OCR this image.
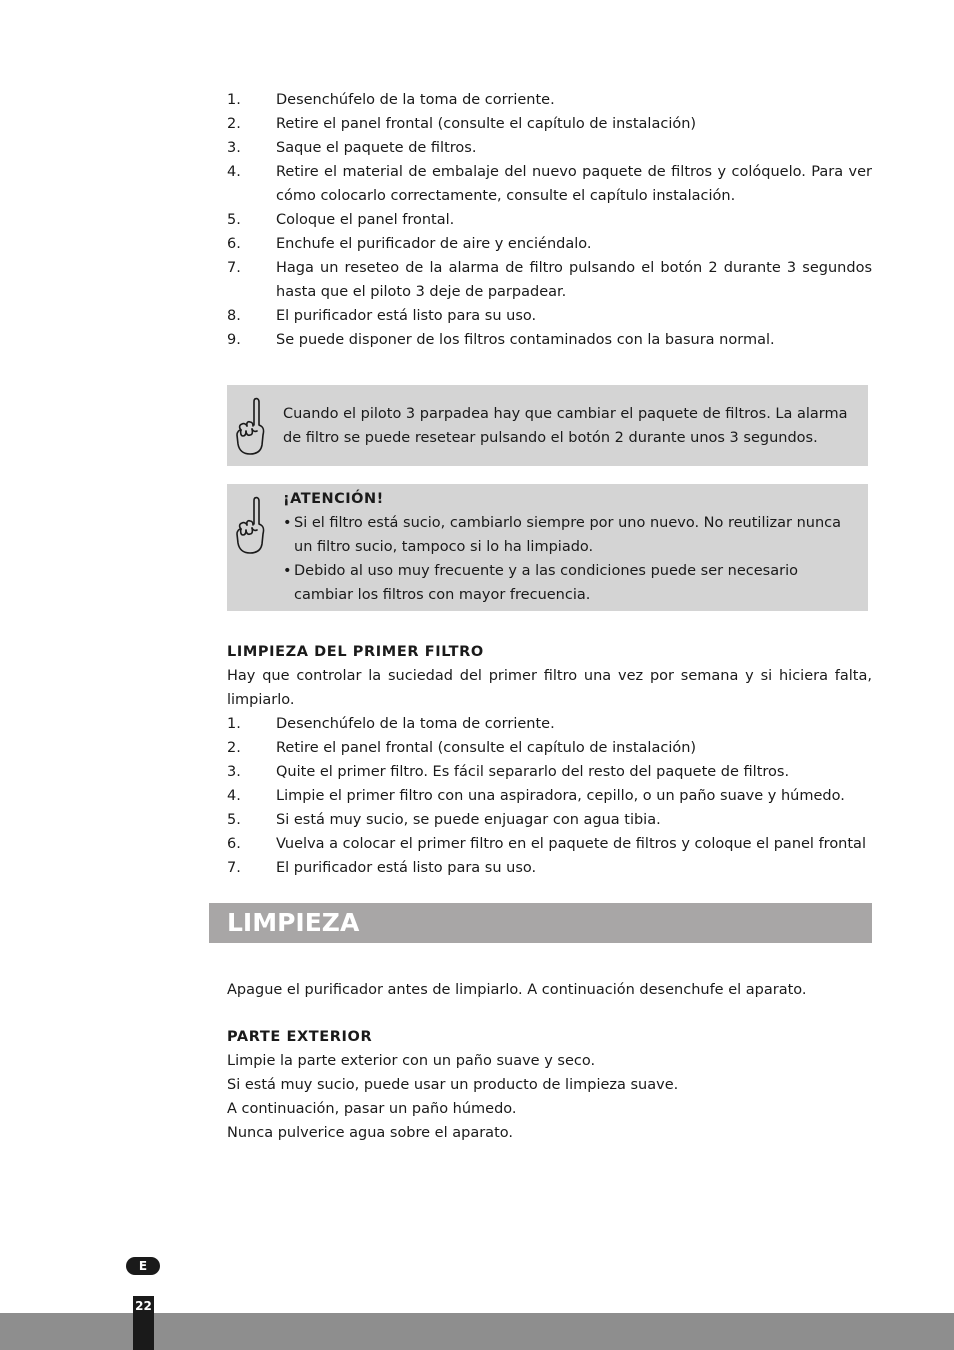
1.	Desenchúfelo de la toma de corriente.
2.	Retire el panel frontal (consulte el capítulo de instalación)
3.	Saque el paquete de filtros.
4.	Retire el material de embalaje del nuevo paquete de filtros y colóquelo. Para ver cómo colocarlo correctamente, consulte el capítulo instalación.
5.	Coloque el panel frontal.
6.	Enchufe el purificador de aire y enciéndalo.
7.	Haga un reseteo de la alarma de filtro pulsando el botón 2 durante 3 segundos hasta que el piloto 3 deje de parpadear.
8.	El purificador está listo para su uso.
9.	Se puede disponer de los filtros contaminados con la basura normal.

Cuando el piloto 3 parpadea hay que cambiar el paquete de filtros. La alarma de filtro se puede resetear pulsando el botón 2 durante unos 3 segundos.

¡ATENCIÓN!

• Si el filtro está sucio, cambiarlo siempre por uno nuevo. No reutilizar nunca un filtro sucio, tampoco si lo ha limpiado.
• Debido al uso muy frecuente y a las condiciones puede ser necesario cambiar los filtros con mayor frecuencia.
LIMPIEZA DEL PRIMER FILTRO
Hay que controlar la suciedad del primer filtro una vez por semana y si hiciera falta, limpiarlo.
1.	Desenchúfelo de la toma de corriente.
2.	Retire el panel frontal (consulte el capítulo de instalación)
3.	Quite el primer filtro. Es fácil separarlo del resto del paquete de filtros.
4.	Limpie el primer filtro con una aspiradora, cepillo, o un paño suave y húmedo.
5.	Si está muy sucio, se puede enjuagar con agua tibia.
6.	Vuelva a colocar el primer filtro en el paquete de filtros y coloque el panel frontal
7.	El purificador está listo para su uso.
LIMPIEZA
Apague el purificador antes de limpiarlo. A continuación desenchufe el aparato.
PARTE EXTERIOR
Limpie la parte exterior con un paño suave y seco.
Si está muy sucio, puede usar un producto de limpieza suave.
A continuación, pasar un paño húmedo.
Nunca pulverice agua sobre el aparato.
E
22
